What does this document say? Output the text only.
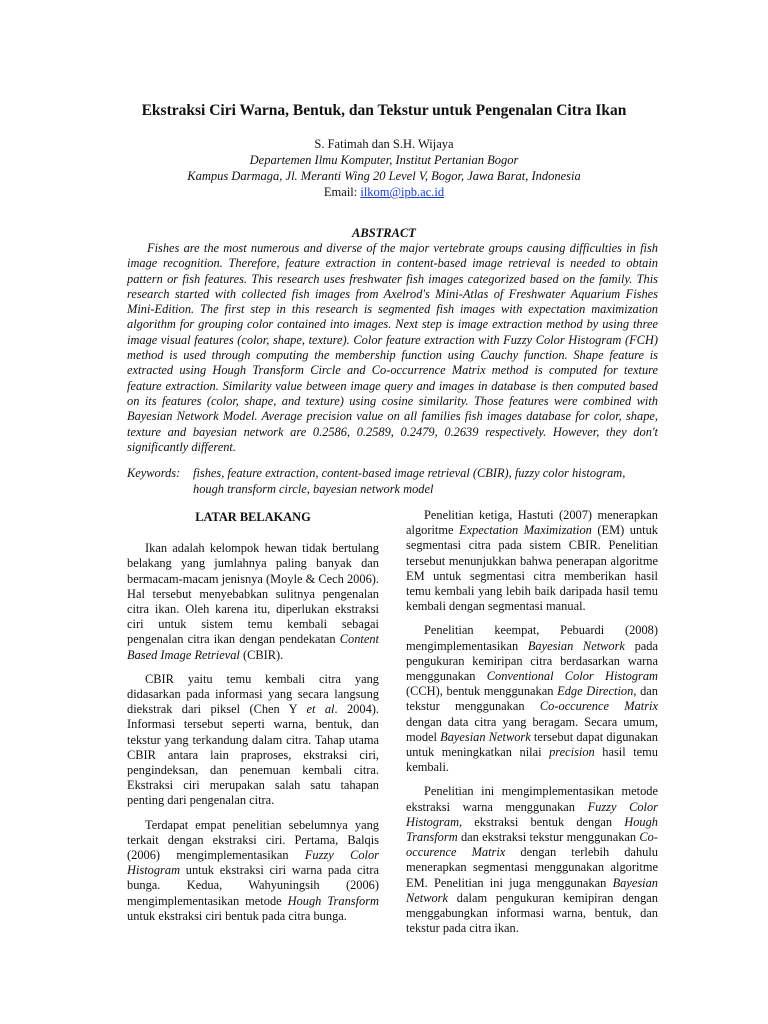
Ekstraksi Ciri Warna, Bentuk, dan Tekstur untuk Pengenalan Citra Ikan
S. Fatimah dan S.H. Wijaya
Departemen Ilmu Komputer, Institut Pertanian Bogor
Kampus Darmaga, Jl. Meranti Wing 20 Level V, Bogor, Jawa Barat, Indonesia
Email: ilkom@ipb.ac.id
ABSTRACT

Fishes are the most numerous and diverse of the major vertebrate groups causing difficulties in fish image recognition. Therefore, feature extraction in content-based image retrieval is needed to obtain pattern or fish features. This research uses freshwater fish images categorized based on the family. This research started with collected fish images from Axelrod's Mini-Atlas of Freshwater Aquarium Fishes Mini-Edition. The first step in this research is segmented fish images with expectation maximization algorithm for grouping color contained into images. Next step is image extraction method by using three image visual features (color, shape, texture). Color feature extraction with Fuzzy Color Histogram (FCH) method is used through computing the membership function using Cauchy function. Shape feature is extracted using Hough Transform Circle and Co-occurrence Matrix method is computed for texture feature extraction. Similarity value between image query and images in database is then computed based on its features (color, shape, and texture) using cosine similarity. Those features were combined with Bayesian Network Model. Average precision value on all families fish images database for color, shape, texture and bayesian network are 0.2586, 0.2589, 0.2479, 0.2639 respectively. However, they don't significantly different.

Keywords:	fishes, feature extraction, content-based image retrieval (CBIR), fuzzy color histogram, hough transform circle, bayesian network model
LATAR BELAKANG

Ikan adalah kelompok hewan tidak bertulang belakang yang jumlahnya paling banyak dan bermacam-macam jenisnya (Moyle & Cech 2006). Hal tersebut menyebabkan sulitnya pengenalan citra ikan. Oleh karena itu, diperlukan ekstraksi ciri untuk sistem temu kembali sebagai pengenalan citra ikan dengan pendekatan Content Based Image Retrieval (CBIR).

CBIR yaitu temu kembali citra yang didasarkan pada informasi yang secara langsung diekstrak dari piksel (Chen Y et al. 2004). Informasi tersebut seperti warna, bentuk, dan tekstur yang terkandung dalam citra. Tahap utama CBIR antara lain praproses, ekstraksi ciri, pengindeksan, dan penemuan kembali citra. Ekstraksi ciri merupakan salah satu tahapan penting dari pengenalan citra.

Terdapat empat penelitian sebelumnya yang terkait dengan ekstraksi ciri. Pertama, Balqis (2006) mengimplementasikan Fuzzy Color Histogram untuk ekstraksi ciri warna pada citra bunga. Kedua, Wahyuningsih (2006) mengimplementasikan metode Hough Transform untuk ekstraksi ciri bentuk pada citra bunga.

Penelitian ketiga, Hastuti (2007) menerapkan algoritme Expectation Maximization (EM) untuk segmentasi citra pada sistem CBIR. Penelitian tersebut menunjukkan bahwa penerapan algoritme EM untuk segmentasi citra memberikan hasil temu kembali yang lebih baik daripada hasil temu kembali dengan segmentasi manual.

Penelitian keempat, Pebuardi (2008) mengimplementasikan Bayesian Network pada pengukuran kemiripan citra berdasarkan warna menggunakan Conventional Color Histogram (CCH), bentuk menggunakan Edge Direction, dan tekstur menggunakan Co-occurence Matrix dengan data citra yang beragam. Secara umum, model Bayesian Network tersebut dapat digunakan untuk meningkatkan nilai precision hasil temu kembali.

Penelitian ini mengimplementasikan metode ekstraksi warna menggunakan Fuzzy Color Histogram, ekstraksi bentuk dengan Hough Transform dan ekstraksi tekstur menggunakan Co-occurence Matrix dengan terlebih dahulu menerapkan segmentasi menggunakan algoritme EM. Penelitian ini juga menggunakan Bayesian Network dalam pengukuran kemipiran dengan menggabungkan informasi warna, bentuk, dan tekstur pada citra ikan.
